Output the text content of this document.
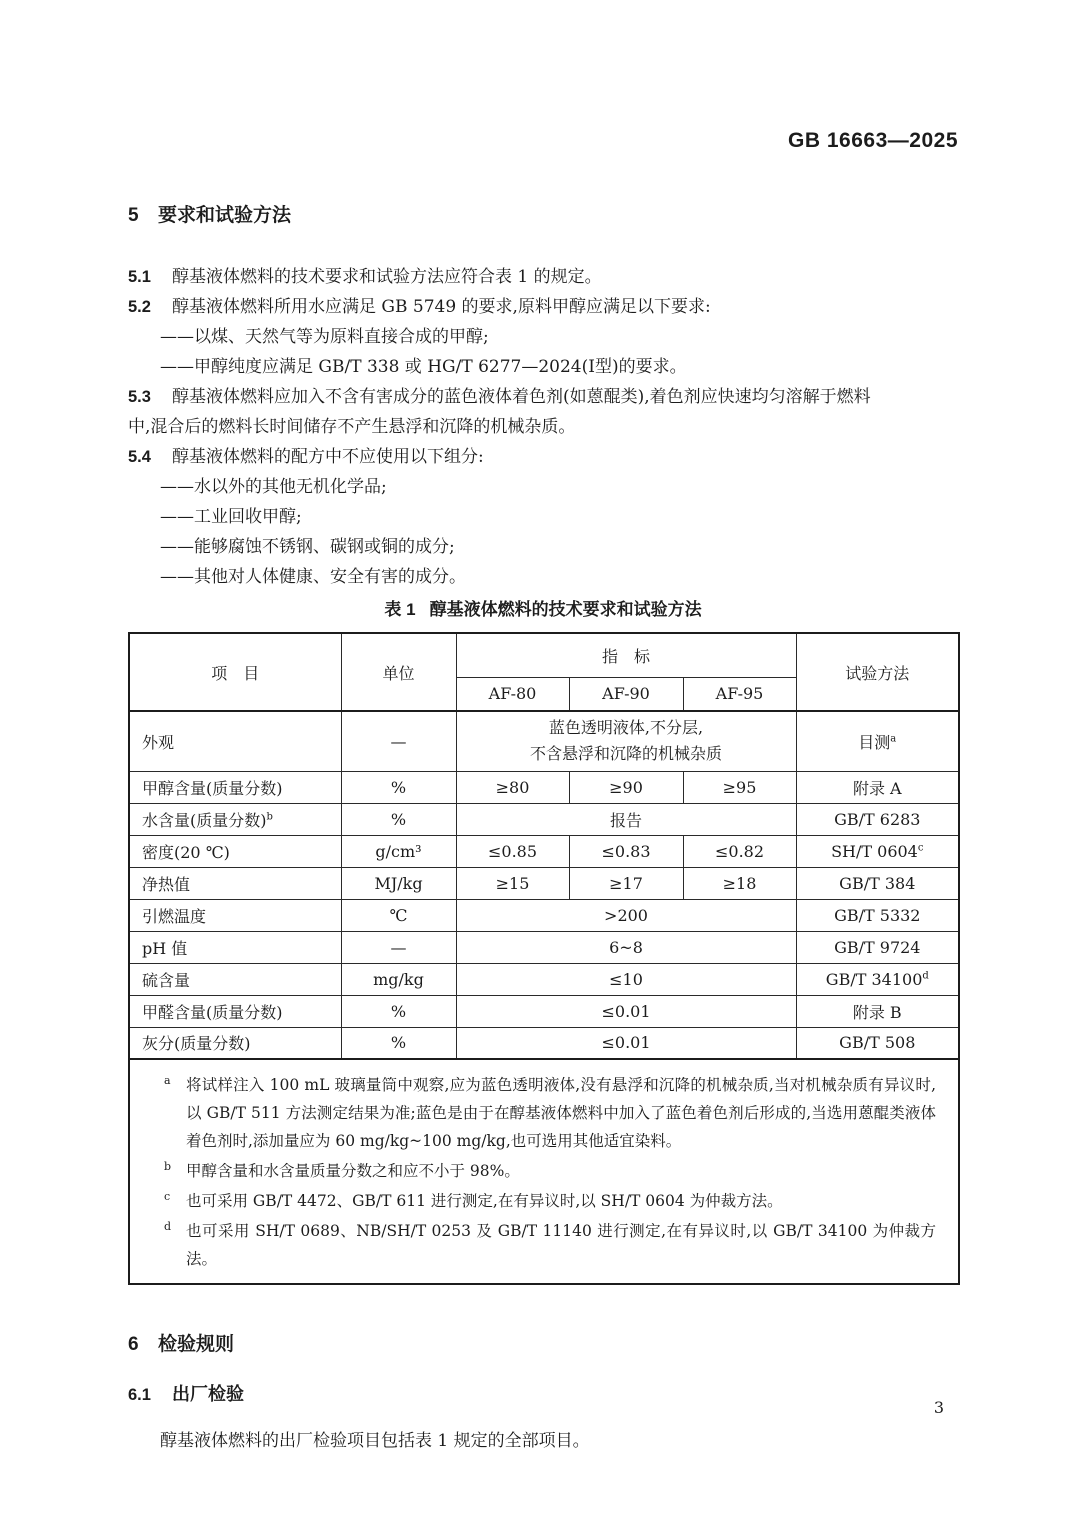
GB 16663—2025
5 要求和试验方法

5.1 醇基液体燃料的技术要求和试验方法应符合表 1 的规定。

5.2 醇基液体燃料所用水应满足 GB 5749 的要求,原料甲醇应满足以下要求:

——以煤、天然气等为原料直接合成的甲醇;
——甲醇纯度应满足 GB/T 338 或 HG/T 6277—2024(Ⅰ型)的要求。

5.3 醇基液体燃料应加入不含有害成分的蓝色液体着色剂(如蒽醌类),着色剂应快速均匀溶解于燃料

中,混合后的燃料长时间储存不产生悬浮和沉降的机械杂质。

5.4 醇基液体燃料的配方中不应使用以下组分:

——水以外的其他无机化学品;
——工业回收甲醇;
——能够腐蚀不锈钢、碳钢或铜的成分;
——其他对人体健康、安全有害的成分。
表 1 醇基液体燃料的技术要求和试验方法
项　目	单位	指　标			试验方法
		AF-80	AF-90	AF-95	
外观	—	蓝色透明液体,不分层,
不含悬浮和沉降的机械杂质			目测$^a$
甲醇含量(质量分数)	%	≥80	≥90	≥95	附录 A
水含量(质量分数)$^b$	%	报告			GB/T 6283
密度(20 ℃)	g/cm³	≤0.85	≤0.83	≤0.82	SH/T 0604$^c$
净热值	MJ/kg	≥15	≥17	≥18	GB/T 384
引燃温度	℃	>200			GB/T 5332
pH 值	—	6~8			GB/T 9724
硫含量	mg/kg	≤10			GB/T 34100$^d$
甲醛含量(质量分数)	%	≤0.01			附录 B
灰分(质量分数)	%	≤0.01			GB/T 508

a 将试样注入 100 mL 玻璃量筒中观察,应为蓝色透明液体,没有悬浮和沉降的机械杂质,当对机械杂质有异议时,以 GB/T 511 方法测定结果为准;蓝色是由于在醇基液体燃料中加入了蓝色着色剂后形成的,当选用蒽醌类液体着色剂时,添加量应为 60 mg/kg~100 mg/kg,也可选用其他适宜染料。
b 甲醇含量和水含量质量分数之和应不小于 98%。
c	也可采用 GB/T 4472、GB/T 611 进行测定,在有异议时,以 SH/T 0604 为仲裁方法。
d 也可采用 SH/T 0689、NB/SH/T 0253 及 GB/T 11140 进行测定,在有异议时,以 GB/T 34100 为仲裁方法。
6 检验规则
6.1 出厂检验

醇基液体燃料的出厂检验项目包括表 1 规定的全部项目。

3
